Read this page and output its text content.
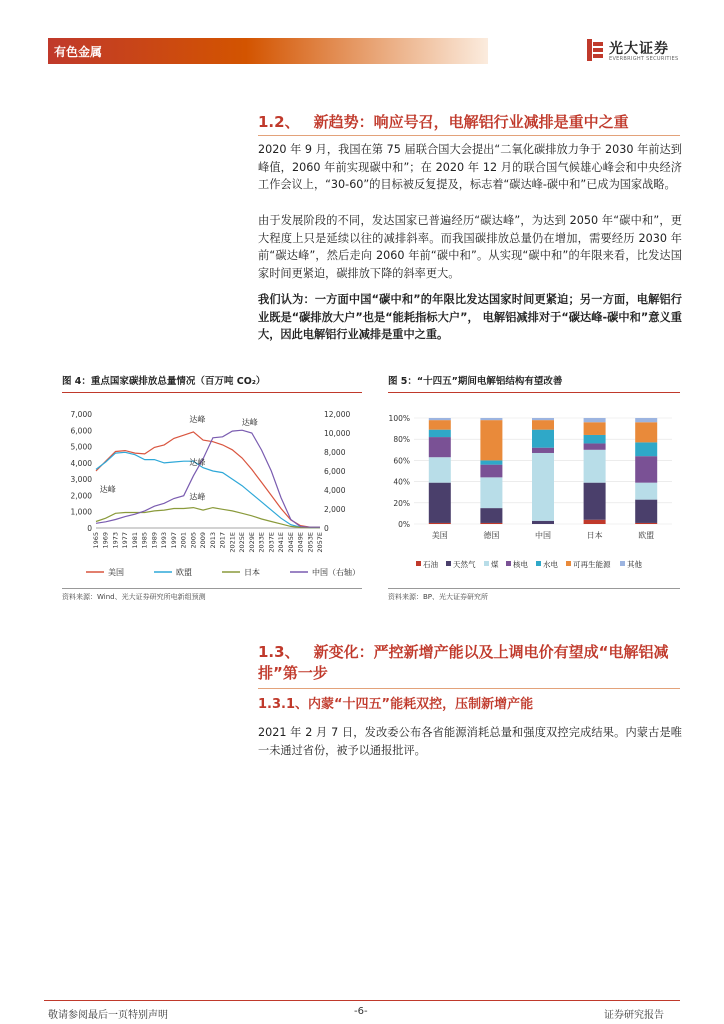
有色金属	光大证券
EVERBRIGHT SECURITIES
1.2、 新趋势：响应号召，电解铝行业减排是重中之重
2020 年 9 月，我国在第 75 届联合国大会提出“二氧化碳排放力争于 2030 年前达到峰值，2060 年前实现碳中和”；在 2020 年 12 月的联合国气候雄心峰会和中央经济工作会议上，“30-60”的目标被反复提及，标志着“碳达峰-碳中和”已成为国家战略。
由于发展阶段的不同，发达国家已普遍经历“碳达峰”，为达到 2050 年“碳中和”，更大程度上只是延续以往的减排斜率。而我国碳排放总量仍在增加，需要经历 2030 年前“碳达峰”，然后走向 2060 年前“碳中和”。从实现“碳中和”的年限来看，比发达国家时间更紧迫，碳排放下降的斜率更大。
我们认为：一方面中国“碳中和”的年限比发达国家时间更紧迫；另一方面，电解铝行业既是“碳排放大户”也是“能耗指标大户”， 电解铝减排对于“碳达峰-碳中和”意义重大，因此电解铝行业减排是重中之重。
图 4：重点国家碳排放总量情况（百万吨 CO₂）
0
1,000
2,000
3,000
4,000
5,000
6,000
7,000
0
2,000
4,000
6,000
8,000
10,000
12,000
1965 1969 1973 1977 1981 1985 1989 1993 1997 2001 2005 2009 2013 2017 2021E 2025E 2029E 2033E 2037E 2041E 2045E 2049E 2053E 2057E
达峰
达峰
达峰
达峰
达峰
美国	欧盟	日本	中国（右轴）
资料来源：Wind、光大证券研究所电新组预测
图 5：“十四五”期间电解铝结构有望改善
0%
20%
40%
60%
80%
100%
美国	德国	中国	日本	欧盟
石油 天然气 煤 核电 水电 可再生能源 其他
资料来源：BP、光大证券研究所
1.3、 新变化：严控新增产能以及上调电价有望成“电解铝减排”第一步
1.3.1、内蒙“十四五”能耗双控，压制新增产能
2021 年 2 月 7 日，发改委公布各省能源消耗总量和强度双控完成结果。内蒙古是唯一未通过省份，被予以通报批评。
敬请参阅最后一页特别声明	-6-	证券研究报告
